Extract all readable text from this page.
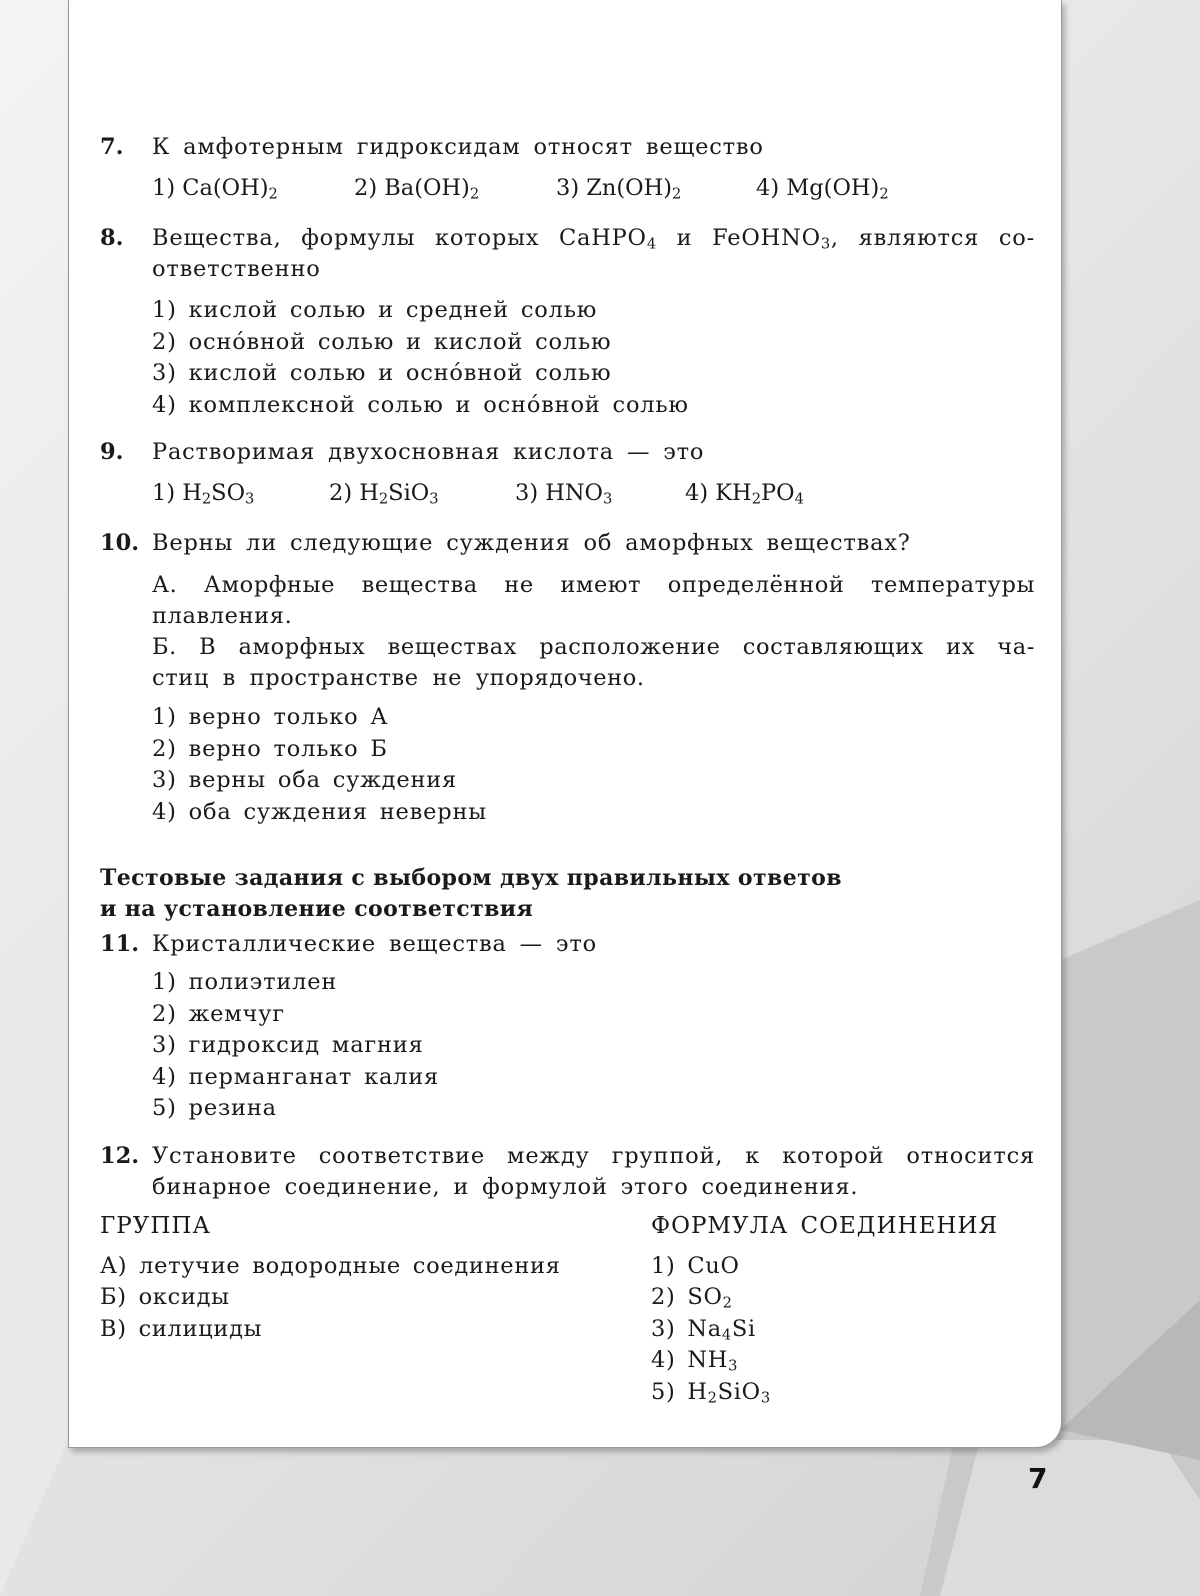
7. К амфотерным гидроксидам относят вещество
1) $Ca(OH)_2$	2) $Ba(OH)_2$	3) $Zn(OH)_2$	4) $Mg(OH)_2$
8. Вещества, формулы которых CaHPO$_4$ и FeOHNO$_3$, являются со-
ответственно
1) кислой солью и средней солью
2) оснóвной солью и кислой солью
3) кислой солью и оснóвной солью
4) комплексной солью и оснóвной солью
9. Растворимая двухосновная кислота — это
1) $H_2SO_3$	2) $H_2SiO_3$	3) $HNO_3$	4) $KH_2PO_4$
10. Верны ли следующие суждения об аморфных веществах?
А. Аморфные вещества не имеют определённой температуры
плавления.
Б. В аморфных веществах расположение составляющих их ча-
стиц в пространстве не упорядочено.
1) верно только А
2) верно только Б
3) верны оба суждения
4) оба суждения неверны
Тестовые задания с выбором двух правильных ответов
и на установление соответствия
11. Кристаллические вещества — это
1) полиэтилен
2) жемчуг
3) гидроксид магния
4) перманганат калия
5) резина
12. Установите соответствие между группой, к которой относится
бинарное соединение, и формулой этого соединения.
ГРУППА
А) летучие водородные соединения
Б) оксиды
В) силициды
ФОРМУЛА СОЕДИНЕНИЯ
1) CuO
2) $SO_2$
3) $Na_4Si$
4) $NH_3$
5) $H_2SiO_3$
7
